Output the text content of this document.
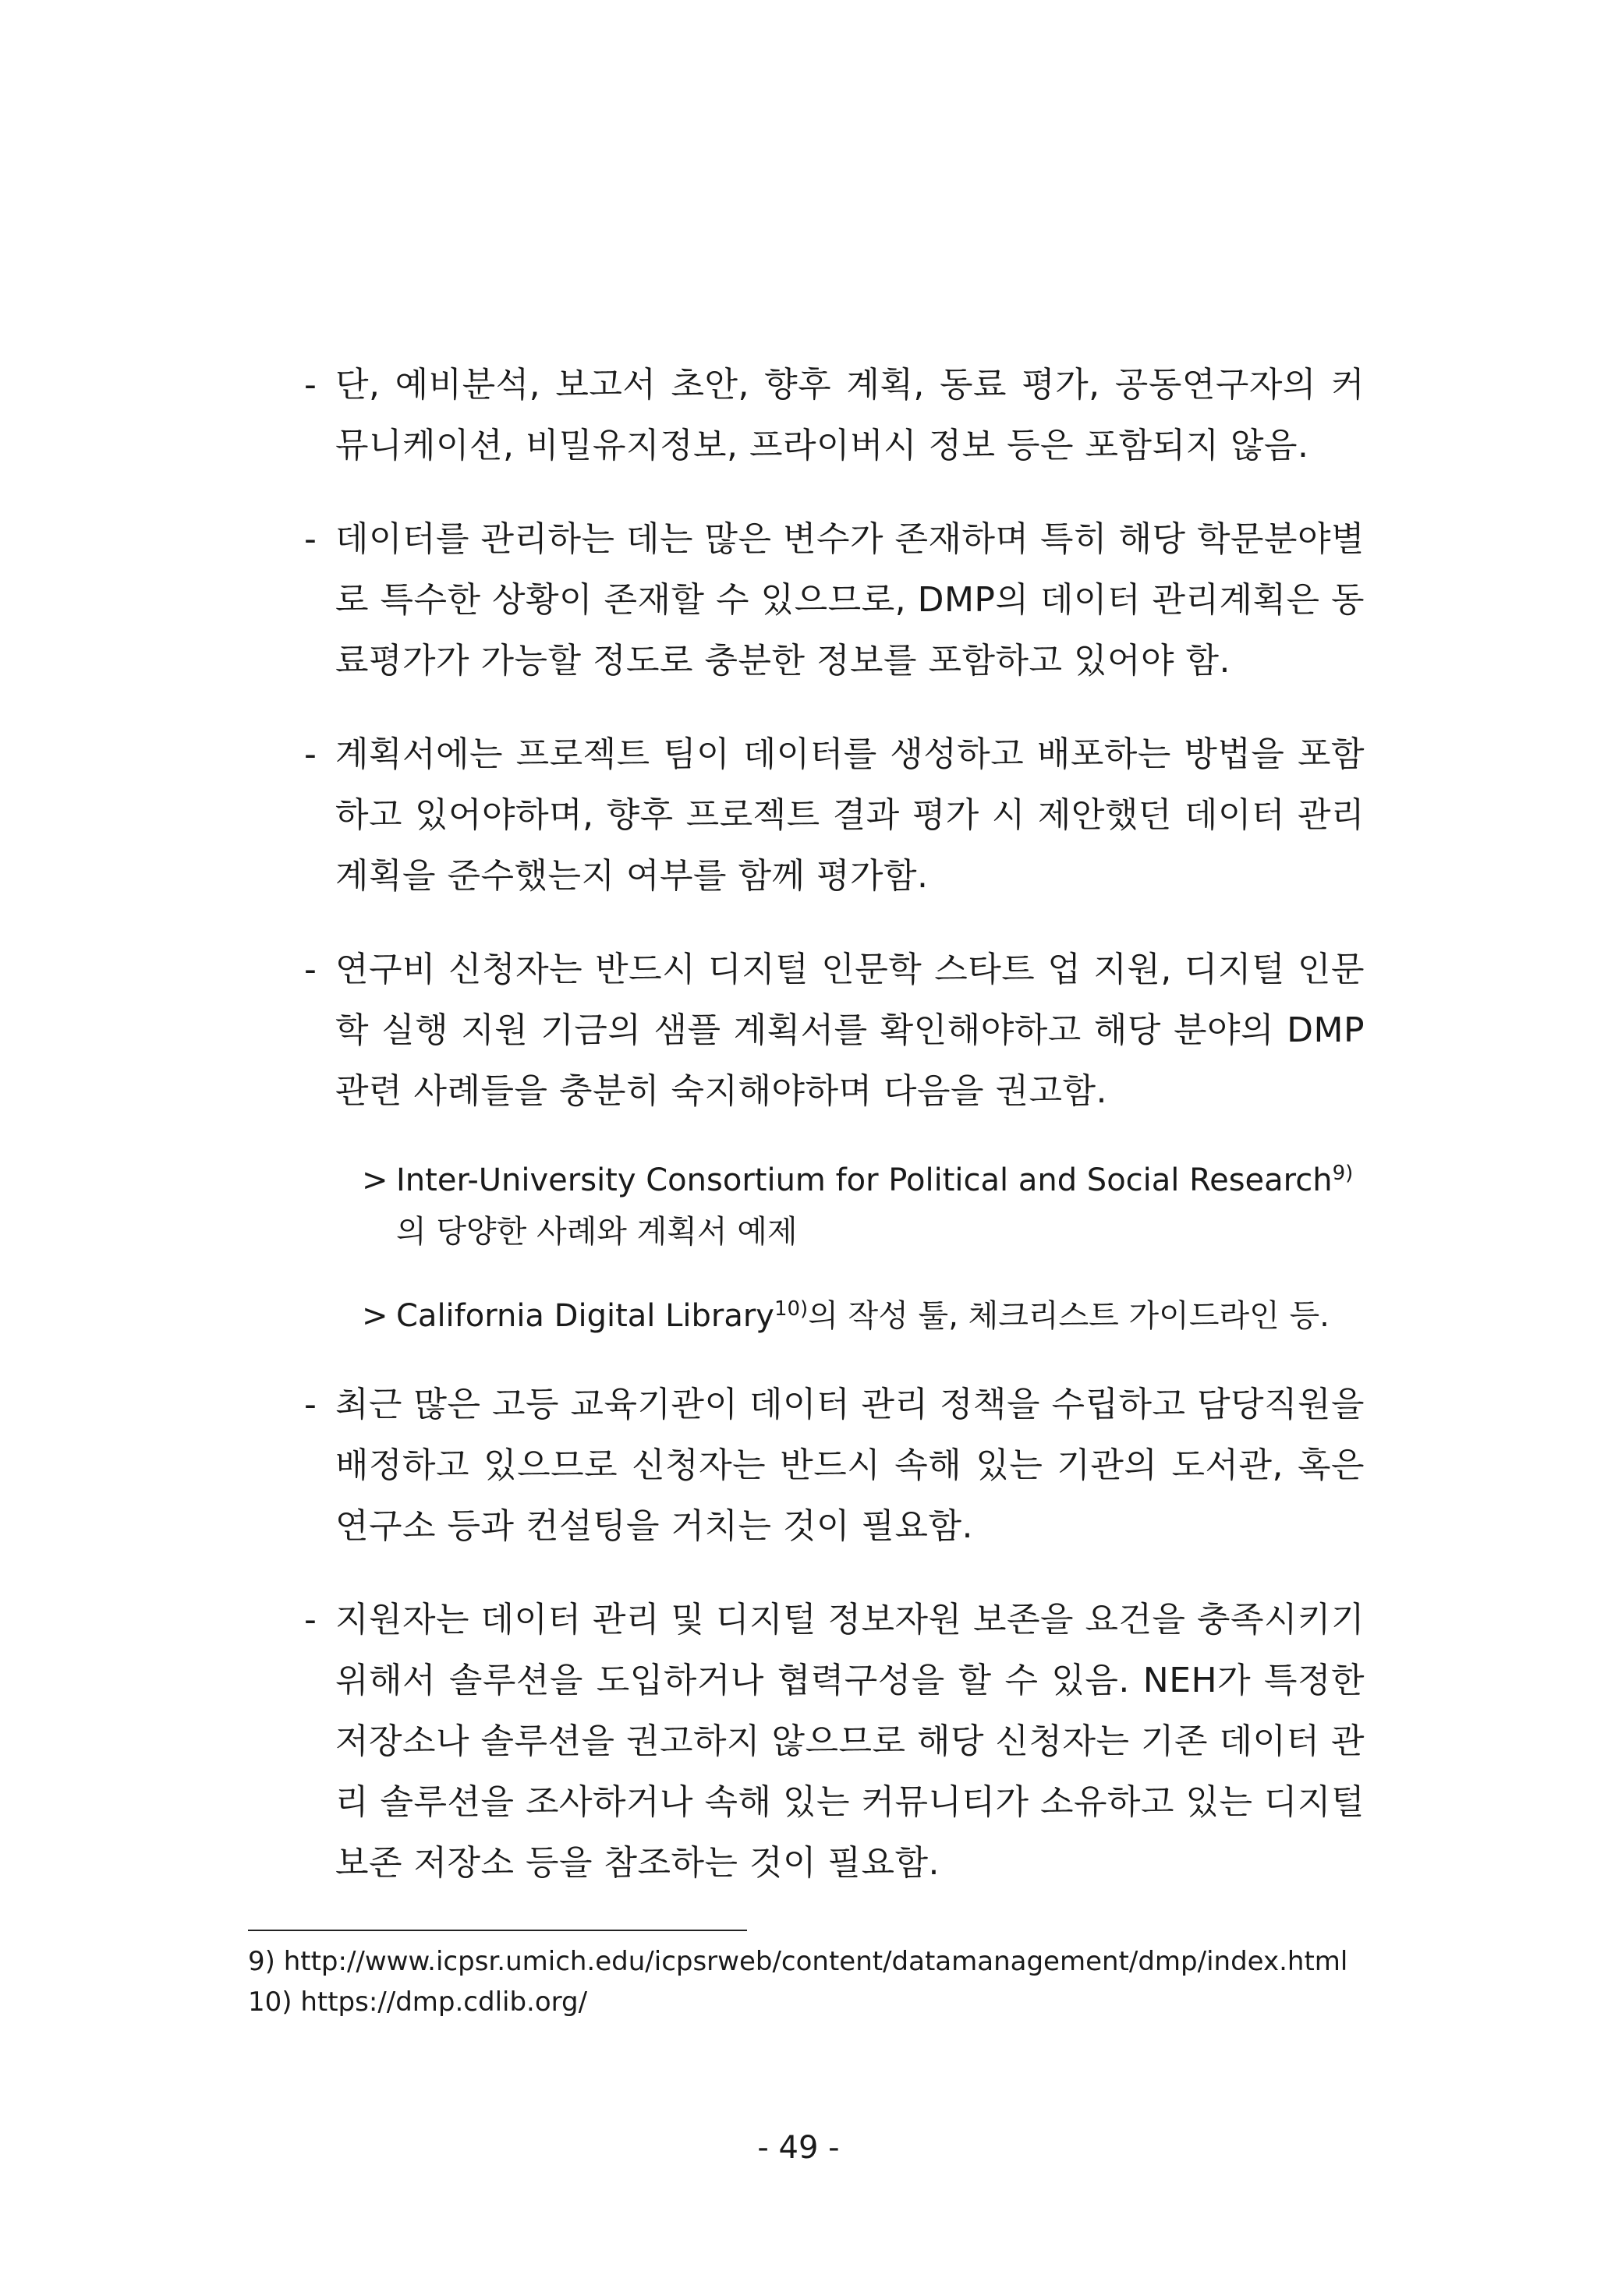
- 단, 예비분석, 보고서 초안, 향후 계획, 동료 평가, 공동연구자의 커뮤니케이션, 비밀유지정보, 프라이버시 정보 등은 포함되지 않음.
- 데이터를 관리하는 데는 많은 변수가 존재하며 특히 해당 학문분야별로 특수한 상황이 존재할 수 있으므로, DMP의 데이터 관리계획은 동료평가가 가능할 정도로 충분한 정보를 포함하고 있어야 함.
- 계획서에는 프로젝트 팀이 데이터를 생성하고 배포하는 방법을 포함하고 있어야하며, 향후 프로젝트 결과 평가 시 제안했던 데이터 관리 계획을 준수했는지 여부를 함께 평가함.
- 연구비 신청자는 반드시 디지털 인문학 스타트 업 지원, 디지털 인문학 실행 지원 기금의 샘플 계획서를 확인해야하고 해당 분야의 DMP 관련 사례들을 충분히 숙지해야하며 다음을 권고함.
> Inter-University Consortium for Political and Social Research$^{9)}$의 당양한 사례와 계획서 예제
> California Digital Library$^{10)}$의 작성 툴, 체크리스트 가이드라인 등.
- 최근 많은 고등 교육기관이 데이터 관리 정책을 수립하고 담당직원을 배정하고 있으므로 신청자는 반드시 속해 있는 기관의 도서관, 혹은 연구소 등과 컨설팅을 거치는 것이 필요함.
- 지원자는 데이터 관리 및 디지털 정보자원 보존을 요건을 충족시키기 위해서 솔루션을 도입하거나 협력구성을 할 수 있음. NEH가 특정한 저장소나 솔루션을 권고하지 않으므로 해당 신청자는 기존 데이터 관리 솔루션을 조사하거나 속해 있는 커뮤니티가 소유하고 있는 디지털 보존 저장소 등을 참조하는 것이 필요함.
9) http://www.icpsr.umich.edu/icpsrweb/content/datamanagement/dmp/index.html
10) https://dmp.cdlib.org/
- 49 -
